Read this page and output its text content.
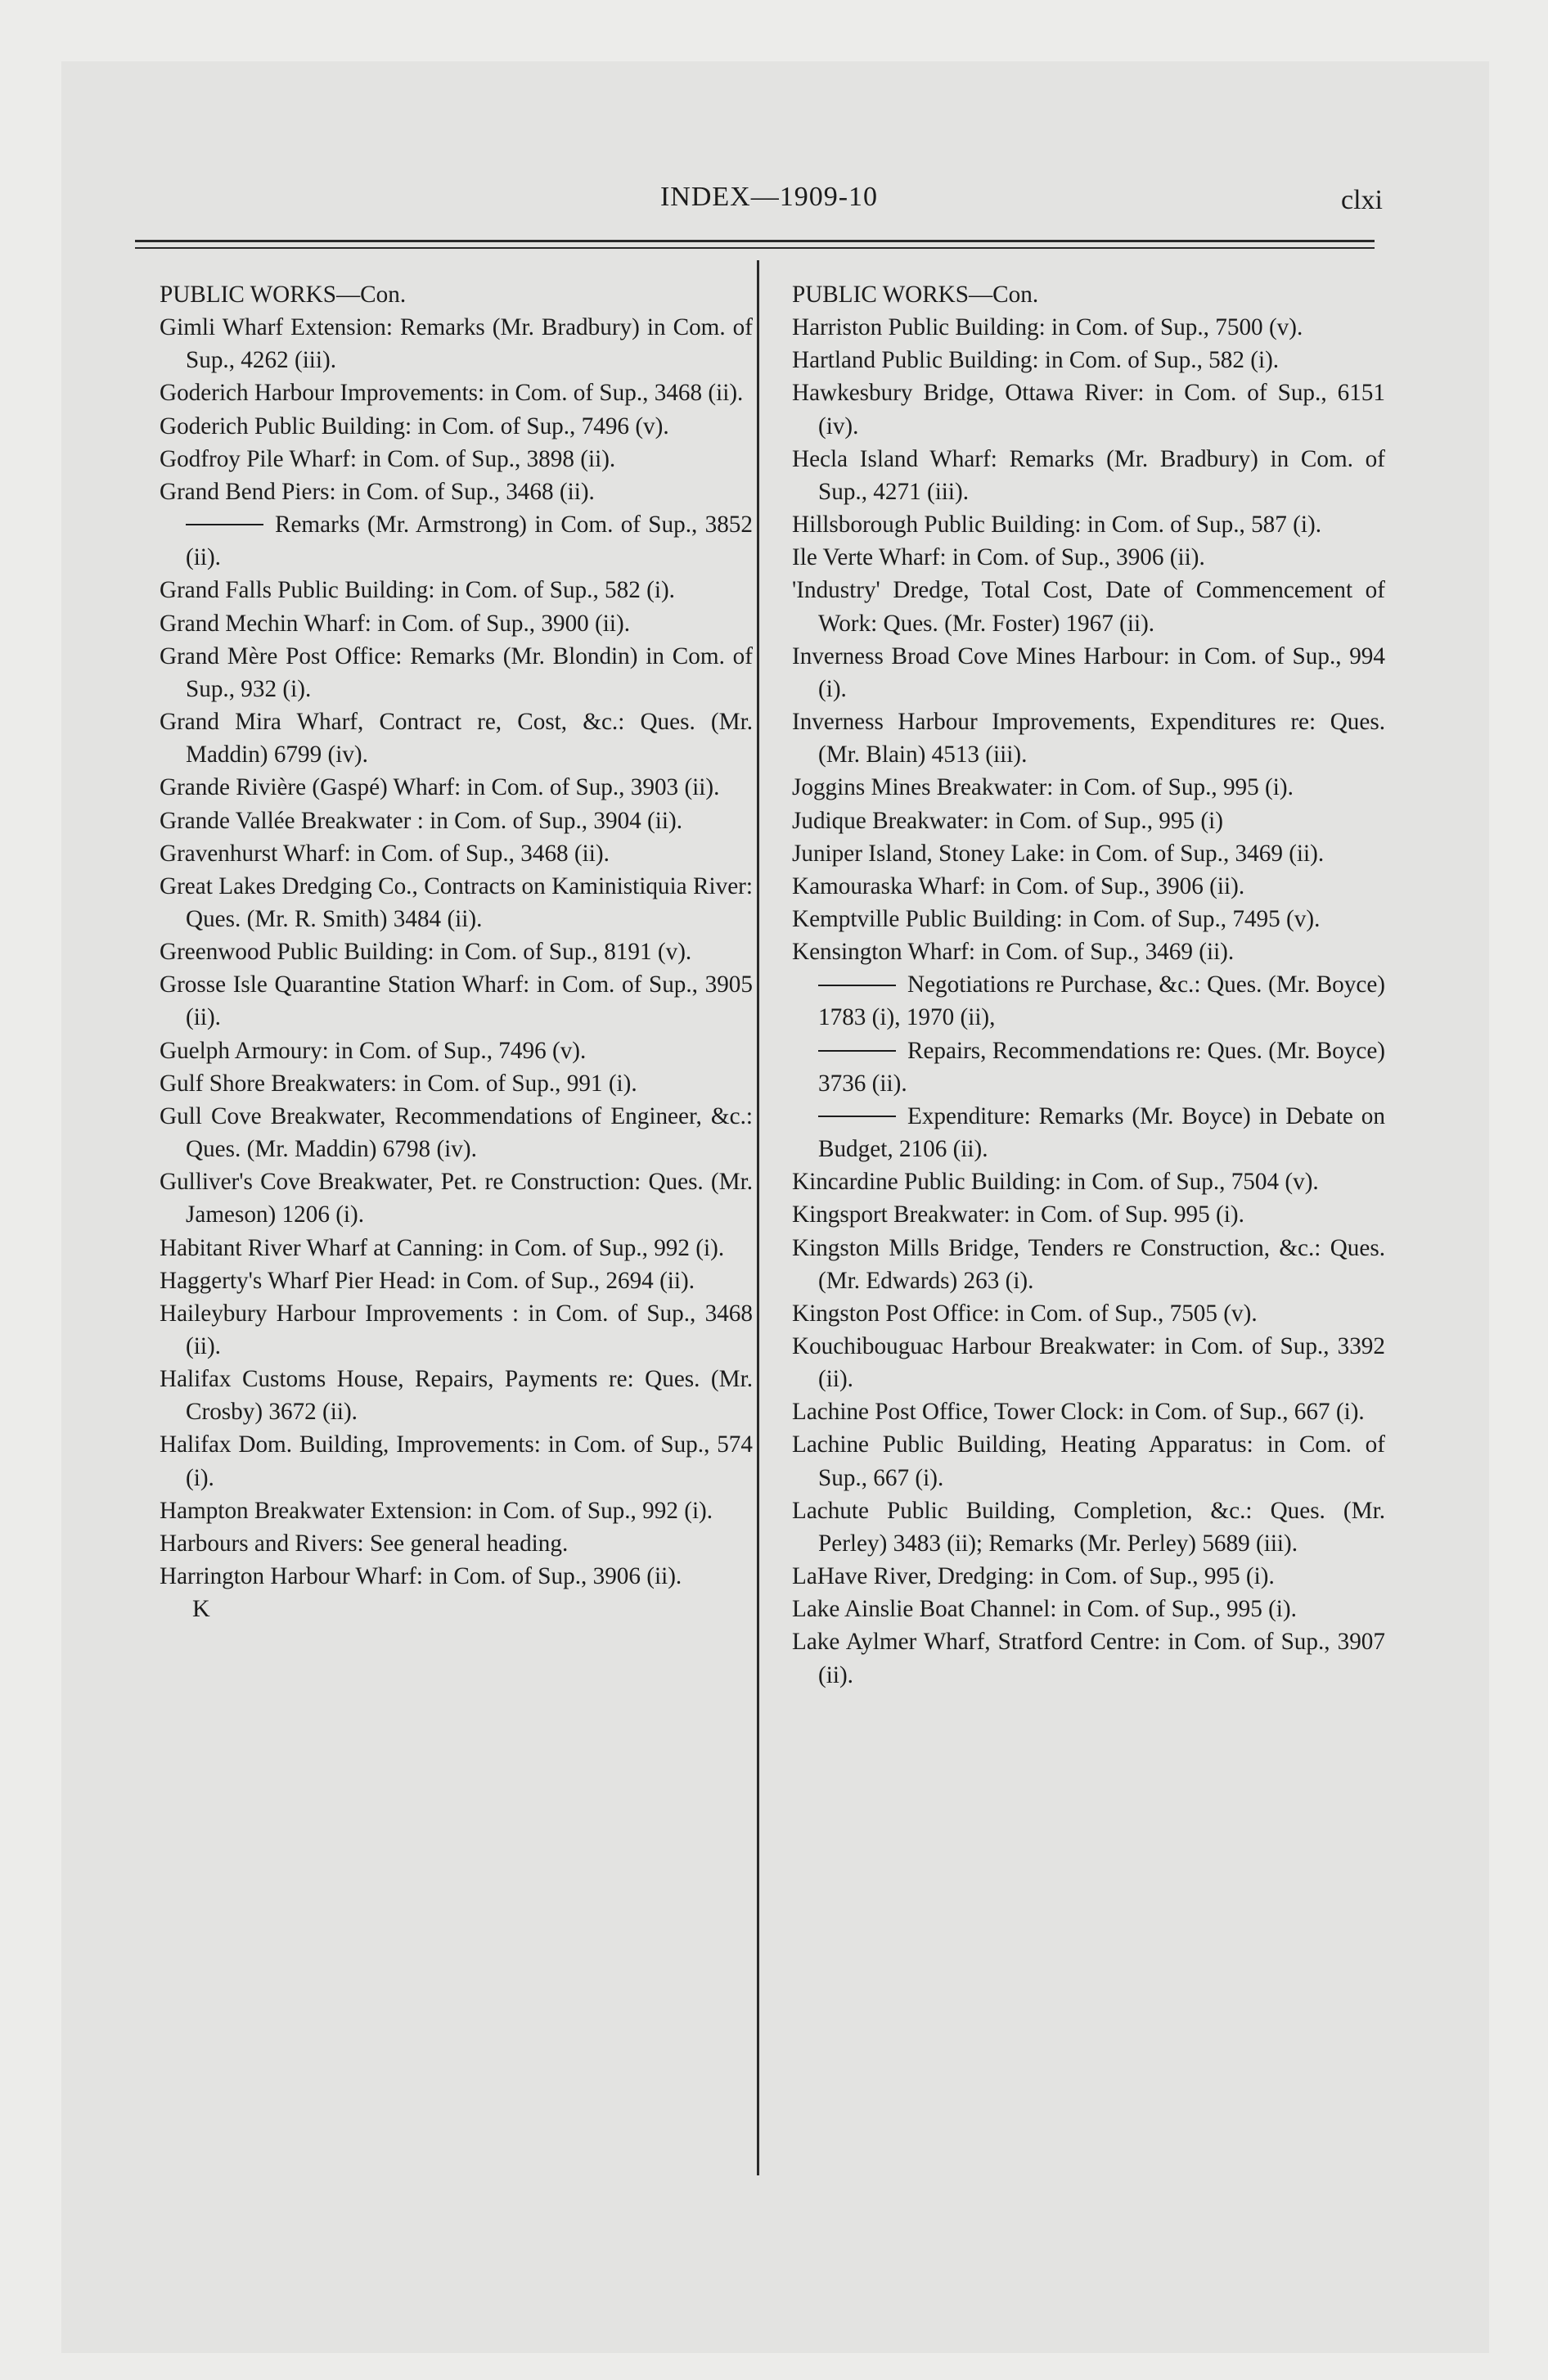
INDEX—1909-10	clxi

PUBLIC WORKS—Con.

Gimli Wharf Extension: Remarks (Mr. Bradbury) in Com. of Sup., 4262 (iii).

Goderich Harbour Improvements: in Com. of Sup., 3468 (ii).

Goderich Public Building: in Com. of Sup., 7496 (v).

Godfroy Pile Wharf: in Com. of Sup., 3898 (ii).

Grand Bend Piers: in Com. of Sup., 3468 (ii).

Remarks (Mr. Armstrong) in Com. of Sup., 3852 (ii).

Grand Falls Public Building: in Com. of Sup., 582 (i).

Grand Mechin Wharf: in Com. of Sup., 3900 (ii).

Grand Mère Post Office: Remarks (Mr. Blondin) in Com. of Sup., 932 (i).

Grand Mira Wharf, Contract re, Cost, &c.: Ques. (Mr. Maddin) 6799 (iv).

Grande Rivière (Gaspé) Wharf: in Com. of Sup., 3903 (ii).

Grande Vallée Breakwater : in Com. of Sup., 3904 (ii).

Gravenhurst Wharf: in Com. of Sup., 3468 (ii).

Great Lakes Dredging Co., Contracts on Kaministiquia River: Ques. (Mr. R. Smith) 3484 (ii).

Greenwood Public Building: in Com. of Sup., 8191 (v).

Grosse Isle Quarantine Station Wharf: in Com. of Sup., 3905 (ii).

Guelph Armoury: in Com. of Sup., 7496 (v).

Gulf Shore Breakwaters: in Com. of Sup., 991 (i).

Gull Cove Breakwater, Recommendations of Engineer, &c.: Ques. (Mr. Maddin) 6798 (iv).

Gulliver's Cove Breakwater, Pet. re Construction: Ques. (Mr. Jameson) 1206 (i).

Habitant River Wharf at Canning: in Com. of Sup., 992 (i).

Haggerty's Wharf Pier Head: in Com. of Sup., 2694 (ii).

Haileybury Harbour Improvements : in Com. of Sup., 3468 (ii).

Halifax Customs House, Repairs, Payments re: Ques. (Mr. Crosby) 3672 (ii).

Halifax Dom. Building, Improvements: in Com. of Sup., 574 (i).

Hampton Breakwater Extension: in Com. of Sup., 992 (i).

Harbours and Rivers: See general heading.

Harrington Harbour Wharf: in Com. of Sup., 3906 (ii).

K

PUBLIC WORKS—Con.

Harriston Public Building: in Com. of Sup., 7500 (v).

Hartland Public Building: in Com. of Sup., 582 (i).

Hawkesbury Bridge, Ottawa River: in Com. of Sup., 6151 (iv).

Hecla Island Wharf: Remarks (Mr. Bradbury) in Com. of Sup., 4271 (iii).

Hillsborough Public Building: in Com. of Sup., 587 (i).

Ile Verte Wharf: in Com. of Sup., 3906 (ii).

'Industry' Dredge, Total Cost, Date of Commencement of Work: Ques. (Mr. Foster) 1967 (ii).

Inverness Broad Cove Mines Harbour: in Com. of Sup., 994 (i).

Inverness Harbour Improvements, Expenditures re: Ques. (Mr. Blain) 4513 (iii).

Joggins Mines Breakwater: in Com. of Sup., 995 (i).

Judique Breakwater: in Com. of Sup., 995 (i)

Juniper Island, Stoney Lake: in Com. of Sup., 3469 (ii).

Kamouraska Wharf: in Com. of Sup., 3906 (ii).

Kemptville Public Building: in Com. of Sup., 7495 (v).

Kensington Wharf: in Com. of Sup., 3469 (ii).

Negotiations re Purchase, &c.: Ques. (Mr. Boyce) 1783 (i), 1970 (ii),

Repairs, Recommendations re: Ques. (Mr. Boyce) 3736 (ii).

Expenditure: Remarks (Mr. Boyce) in Debate on Budget, 2106 (ii).

Kincardine Public Building: in Com. of Sup., 7504 (v).

Kingsport Breakwater: in Com. of Sup. 995 (i).

Kingston Mills Bridge, Tenders re Construction, &c.: Ques. (Mr. Edwards) 263 (i).

Kingston Post Office: in Com. of Sup., 7505 (v).

Kouchibouguac Harbour Breakwater: in Com. of Sup., 3392 (ii).

Lachine Post Office, Tower Clock: in Com. of Sup., 667 (i).

Lachine Public Building, Heating Apparatus: in Com. of Sup., 667 (i).

Lachute Public Building, Completion, &c.: Ques. (Mr. Perley) 3483 (ii); Remarks (Mr. Perley) 5689 (iii).

LaHave River, Dredging: in Com. of Sup., 995 (i).

Lake Ainslie Boat Channel: in Com. of Sup., 995 (i).

Lake Aylmer Wharf, Stratford Centre: in Com. of Sup., 3907 (ii).
